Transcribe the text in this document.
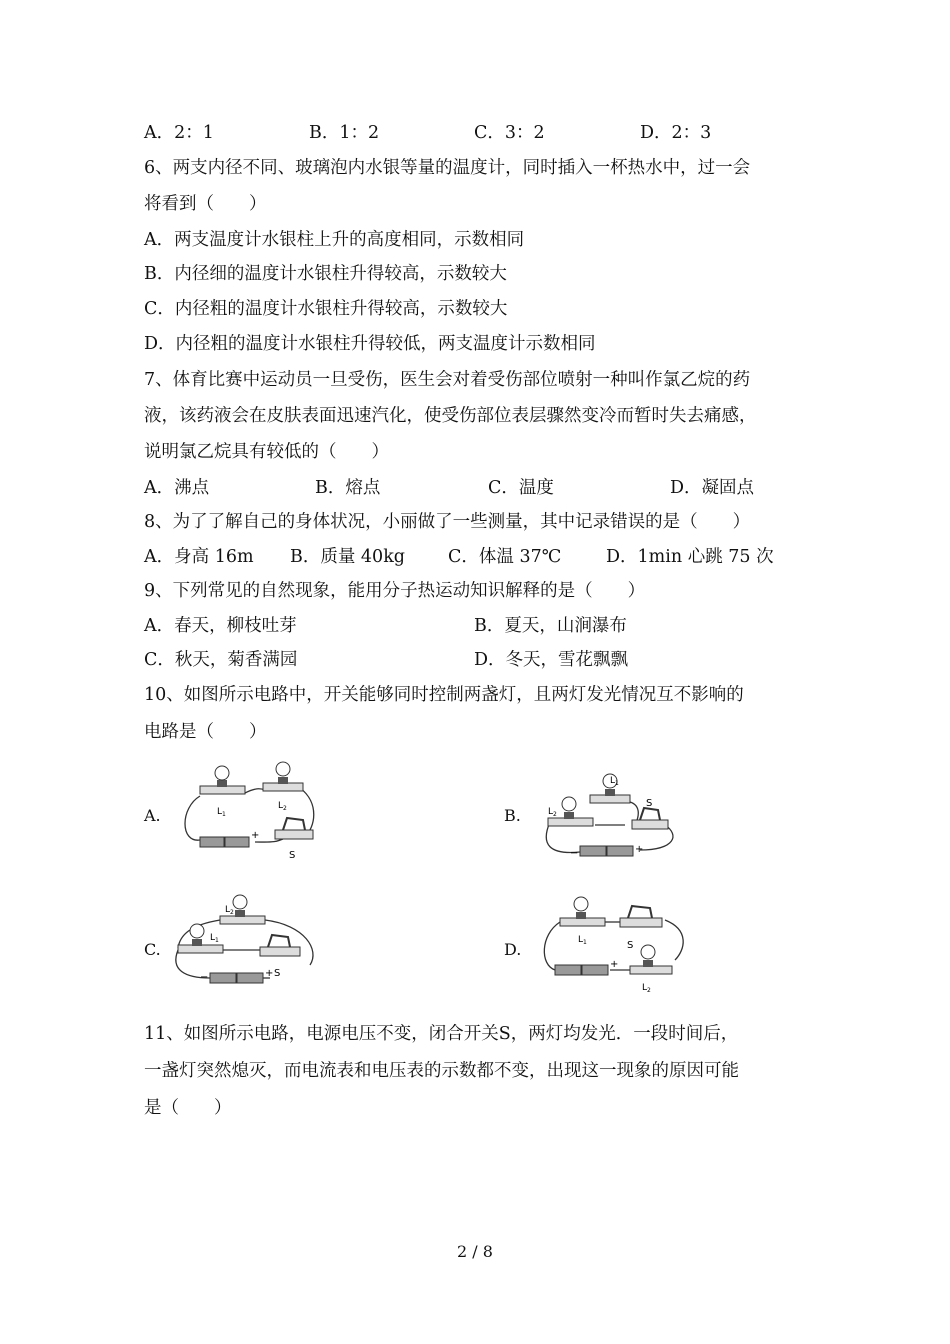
A．2：1	B．1：2	C．3：2	D．2：3
6、两支内径不同、玻璃泡内水银等量的温度计，同时插入一杯热水中，过一会
将看到（　　）
A．两支温度计水银柱上升的高度相同，示数相同
B．内径细的温度计水银柱升得较高，示数较大
C．内径粗的温度计水银柱升得较高，示数较大
D．内径粗的温度计水银柱升得较低，两支温度计示数相同
7、体育比赛中运动员一旦受伤，医生会对着受伤部位喷射一种叫作氯乙烷的药
液，该药液会在皮肤表面迅速汽化，使受伤部位表层骤然变冷而暂时失去痛感，
说明氯乙烷具有较低的（　　）
A．沸点	B．熔点	C．温度	D．凝固点
8、为了了解自己的身体状况，小丽做了一些测量，其中记录错误的是（　　）
A．身高 16m B．质量 40kg C．体温 37℃	D．1min 心跳 75 次
9、下列常见的自然现象，能用分子热运动知识解释的是（　　）
A．春天，柳枝吐芽	B．夏天，山涧瀑布
C．秋天，菊香满园	D．冬天，雪花飘飘
10、如图所示电路中，开关能够同时控制两盏灯，且两灯发光情况互不影响的
电路是（　　）
A.	B.
C.	D.
$L_1$
$L_2$
+
S
$L_1$
$L_2$
S
−	+
$L_2$
$L_1$
−	+ S
$L_1$	S
+
$L_2$
11、如图所示电路，电源电压不变，闭合开关S，两灯均发光．一段时间后，
一盏灯突然熄灭，而电流表和电压表的示数都不变，出现这一现象的原因可能
是（　　）
2 / 8
